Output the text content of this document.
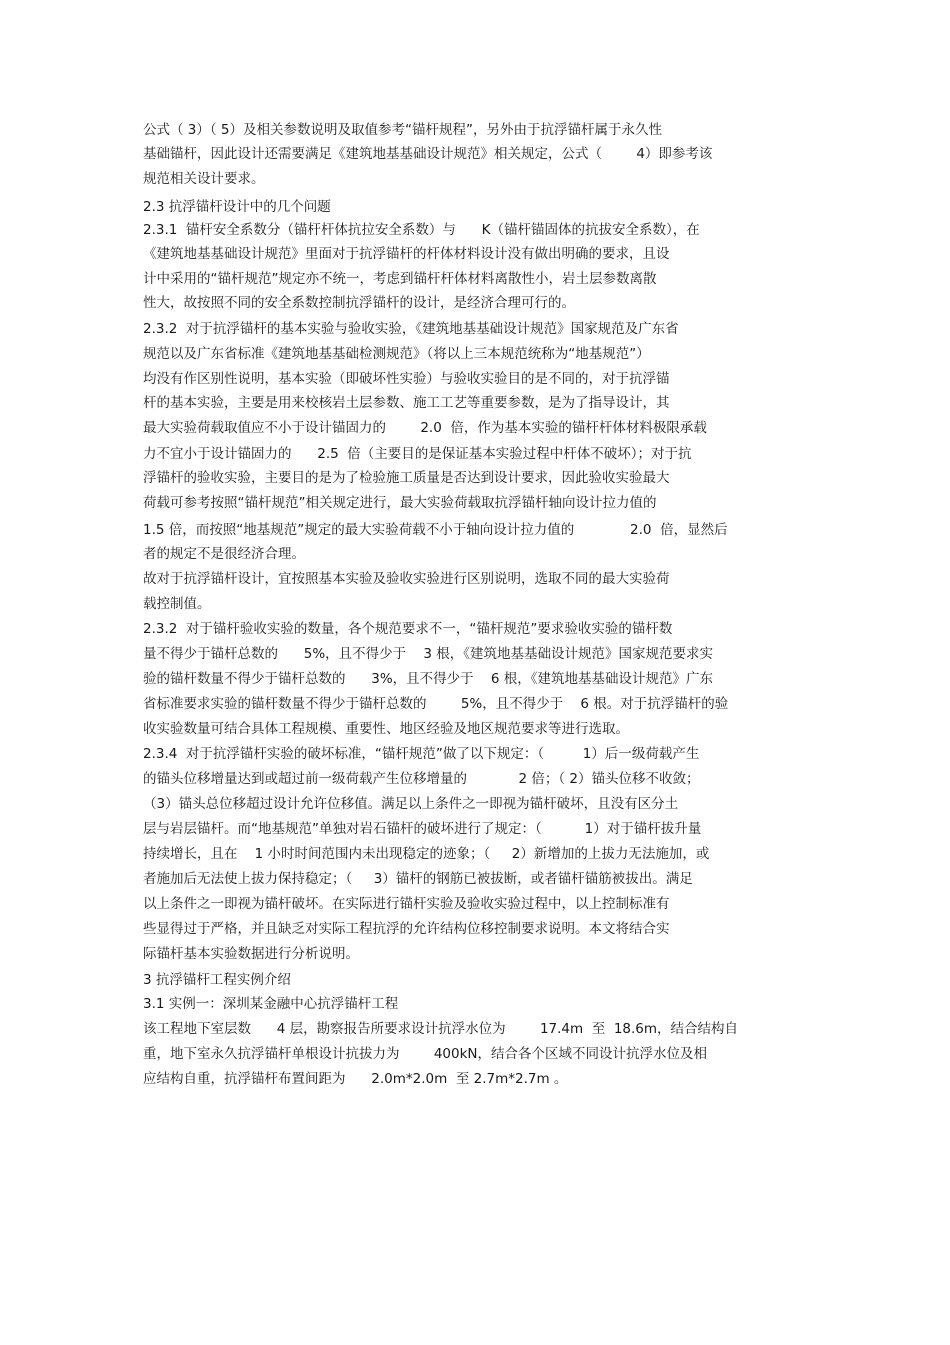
公式（ 3）（ 5）及相关参数说明及取值参考“锚杆规程”，另外由于抗浮锚杆属于永久性
基础锚杆，因此设计还需要满足《建筑地基基础设计规范》相关规定，公式（        4）即参考该
规范相关设计要求。
2.3 抗浮锚杆设计中的几个问题
2.3.1  锚杆安全系数分（锚杆杆体抗拉安全系数）与      K（锚杆锚固体的抗拔安全系数），在
《建筑地基基础设计规范》里面对于抗浮锚杆的杆体材料设计没有做出明确的要求，且设
计中采用的“锚杆规范”规定亦不统一，考虑到锚杆杆体材料离散性小，岩土层参数离散
性大，故按照不同的安全系数控制抗浮锚杆的设计，是经济合理可行的。
2.3.2  对于抗浮锚杆的基本实验与验收实验，《建筑地基基础设计规范》国家规范及广东省
规范以及广东省标准《建筑地基基础检测规范》（将以上三本规范统称为“地基规范”）
均没有作区别性说明，基本实验（即破坏性实验）与验收实验目的是不同的，对于抗浮锚
杆的基本实验，主要是用来校核岩土层参数、施工工艺等重要参数，是为了指导设计，其
最大实验荷载取值应不小于设计锚固力的        2.0  倍，作为基本实验的锚杆杆体材料极限承载
力不宜小于设计锚固力的      2.5  倍（主要目的是保证基本实验过程中杆体不破坏）；对于抗
浮锚杆的验收实验，主要目的是为了检验施工质量是否达到设计要求，因此验收实验最大
荷载可参考按照“锚杆规范”相关规定进行，最大实验荷载取抗浮锚杆轴向设计拉力值的
1.5 倍，而按照“地基规范”规定的最大实验荷载不小于轴向设计拉力值的             2.0  倍，显然后
者的规定不是很经济合理。
故对于抗浮锚杆设计，宜按照基本实验及验收实验进行区别说明，选取不同的最大实验荷
载控制值。
2.3.2  对于锚杆验收实验的数量，各个规范要求不一，“锚杆规范”要求验收实验的锚杆数
量不得少于锚杆总数的      5%，且不得少于    3 根，《建筑地基基础设计规范》国家规范要求实
验的锚杆数量不得少于锚杆总数的      3%，且不得少于    6 根，《建筑地基基础设计规范》广东
省标准要求实验的锚杆数量不得少于锚杆总数的        5%，且不得少于    6 根。对于抗浮锚杆的验
收实验数量可结合具体工程规模、重要性、地区经验及地区规范要求等进行选取。
2.3.4  对于抗浮锚杆实验的破坏标准，“锚杆规范”做了以下规定：（         1）后一级荷载产生
的锚头位移增量达到或超过前一级荷载产生位移增量的            2 倍；（ 2）锚头位移不收敛；
（3）锚头总位移超过设计允许位移值。满足以上条件之一即视为锚杆破坏，且没有区分土
层与岩层锚杆。而“地基规范”单独对岩石锚杆的破坏进行了规定：（          1）对于锚杆拔升量
持续增长，且在    1 小时时间范围内未出现稳定的迹象；（     2）新增加的上拔力无法施加，或
者施加后无法使上拔力保持稳定；（     3）锚杆的钢筋已被拔断，或者锚杆锚筋被拔出。满足
以上条件之一即视为锚杆破坏。在实际进行锚杆实验及验收实验过程中，以上控制标准有
些显得过于严格，并且缺乏对实际工程抗浮的允许结构位移控制要求说明。本文将结合实
际锚杆基本实验数据进行分析说明。
3 抗浮锚杆工程实例介绍
3.1 实例一：深圳某金融中心抗浮锚杆工程
该工程地下室层数      4 层，勘察报告所要求设计抗浮水位为        17.4m  至  18.6m，结合结构自
重，地下室永久抗浮锚杆单根设计抗拔力为        400kN，结合各个区域不同设计抗浮水位及相
应结构自重，抗浮锚杆布置间距为      2.0m*2.0m  至 2.7m*2.7m 。
